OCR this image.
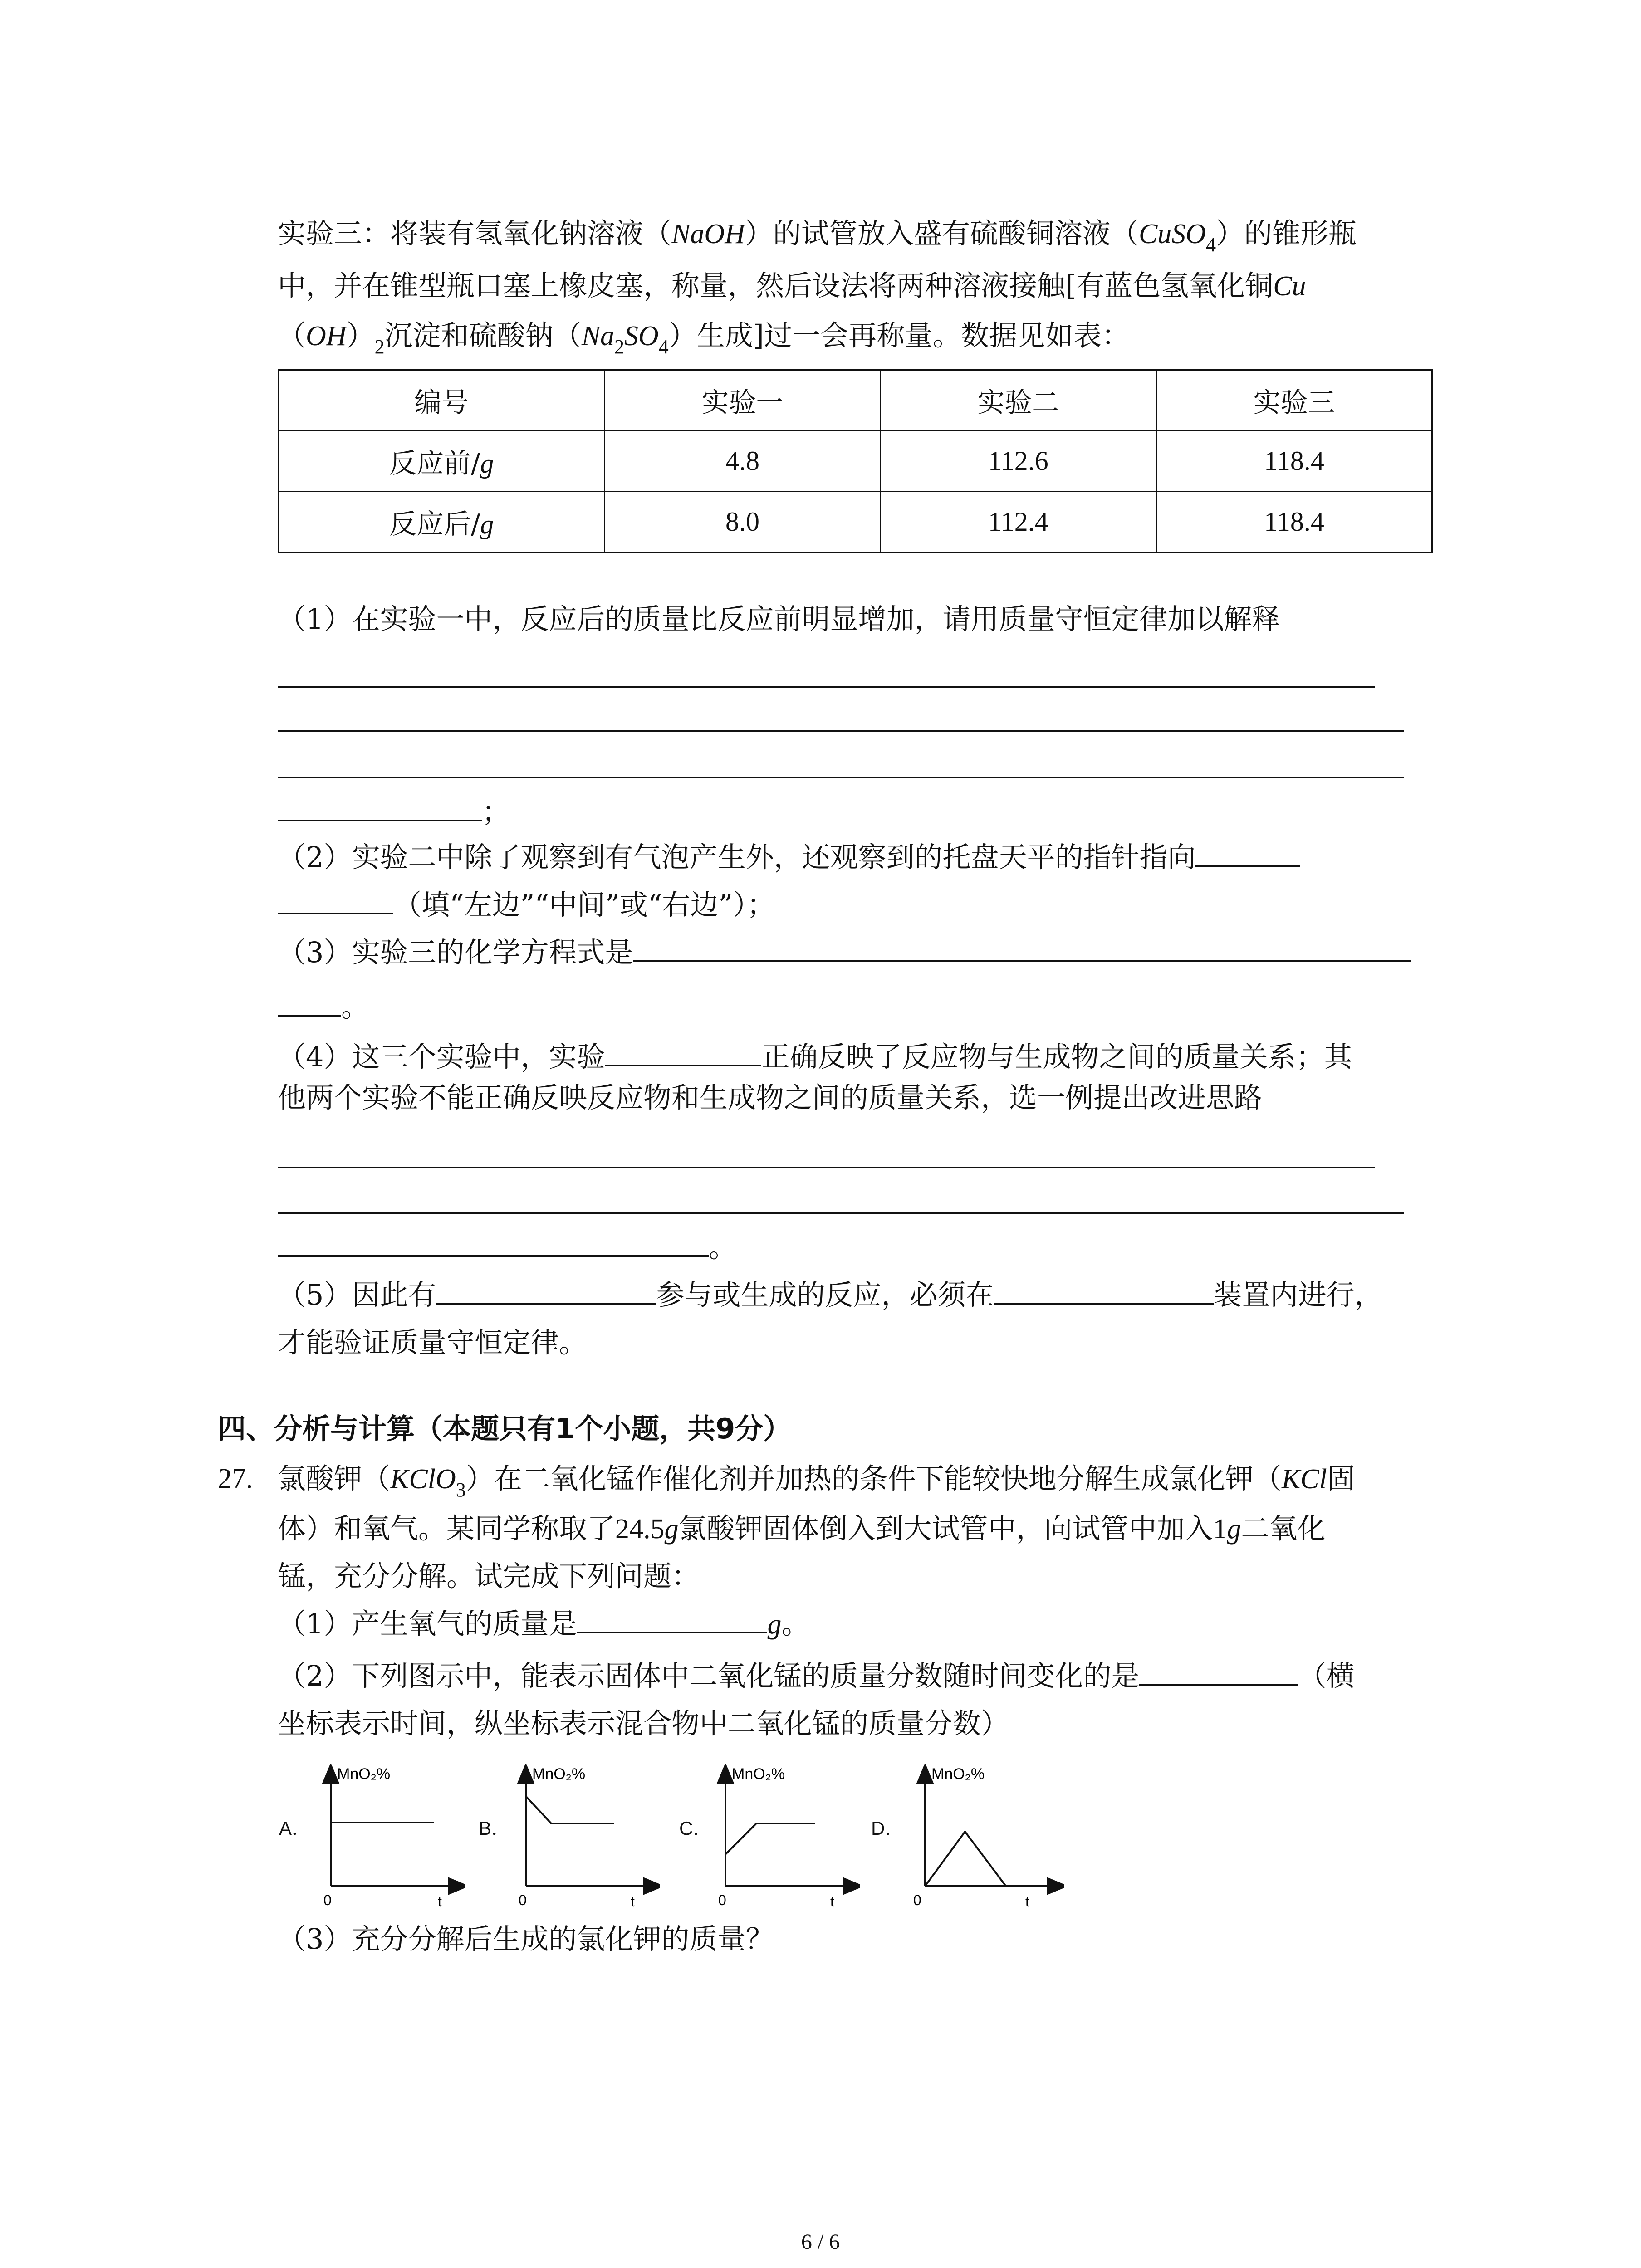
实验三：将装有氢氧化钠溶液（NaOH）的试管放入盛有硫酸铜溶液（CuSO$_4$）的锥形瓶
中，并在锥型瓶口塞上橡皮塞，称量，然后设法将两种溶液接触[有蓝色氢氧化铜Cu
$(OH)_2$沉淀和硫酸钠$(Na_2SO_4)$生成]过一会再称量。数据见如表：
编号	实验一	实验二	实验三
反应前/g	4.8	112.6	118.4
反应后/g	8.0	112.4	118.4
（1）在实验一中，反应后的质量比反应前明显增加，请用质量守恒定律加以解释
；
（2）实验二中除了观察到有气泡产生外，还观察到的托盘天平的指针指向
（填“左边”“中间”或“右边”）；
（3）实验三的化学方程式是
。
（4）这三个实验中，实验	正确反映了反应物与生成物之间的质量关系；其
他两个实验不能正确反映反应物和生成物之间的质量关系，选一例提出改进思路
。
（5）因此有	参与或生成的反应，必须在	装置内进行，
才能验证质量守恒定律。
四、分析与计算（本题只有1个小题，共9分）
27. 氯酸钾（KClO$_3$）在二氧化锰作催化剂并加热的条件下能较快地分解生成氯化钾（KCl固
体）和氧气。某同学称取了24.5g氯酸钾固体倒入到大试管中，向试管中加入1g二氧化
锰，充分分解。试完成下列问题：
（1）产生氧气的质量是	g。
（2）下列图示中，能表示固体中二氧化锰的质量分数随时间变化的是	（横
坐标表示时间，纵坐标表示混合物中二氧化锰的质量分数）
A．
MnO₂%
0	t
B．
MnO₂%
0	t
C．
MnO₂%
0	t
D．
MnO₂%
0	t
（3）充分分解后生成的氯化钾的质量？
6 / 6
